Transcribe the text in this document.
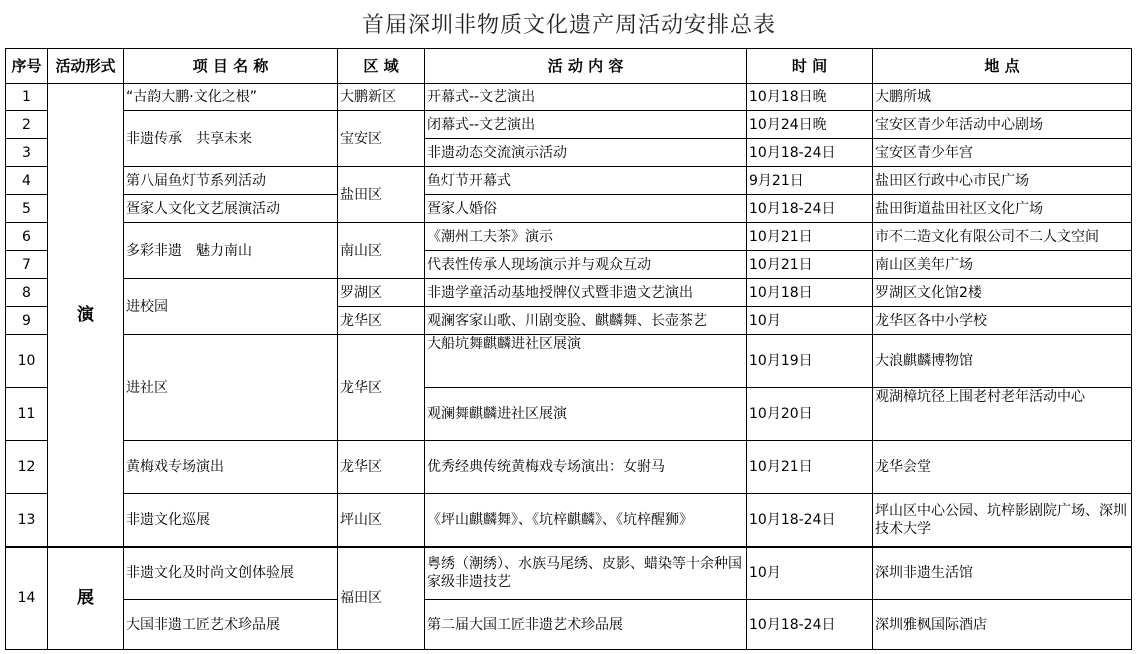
首届深圳非物质文化遗产周活动安排总表
序号	活动形式	项 目 名 称	区 域	活 动 内 容	时 间	地 点
1	演	“古韵大鹏·文化之根”	大鹏新区	开幕式--文艺演出	10月18日晚	大鹏所城
2		非遗传承　共享未来	宝安区	闭幕式--文艺演出	10月24日晚	宝安区青少年活动中心剧场
3				非遗动态交流演示活动	10月18-24日	宝安区青少年宫
4		第八届鱼灯节系列活动	盐田区	鱼灯节开幕式	9月21日	盐田区行政中心市民广场
5		疍家人文化文艺展演活动		疍家人婚俗	10月18-24日	盐田街道盐田社区文化广场
6		多彩非遗　魅力南山	南山区	《潮州工夫茶》演示	10月21日	市不二造文化有限公司不二人文空间
7				代表性传承人现场演示并与观众互动	10月21日	南山区美年广场
8		进校园	罗湖区	非遗学童活动基地授牌仪式暨非遗文艺演出	10月18日	罗湖区文化馆2楼
9			龙华区	观澜客家山歌、川剧变脸、麒麟舞、长壶茶艺	10月	龙华区各中小学校
10		进社区	龙华区	大船坑舞麒麟进社区展演	10月19日	大浪麒麟博物馆
11				观澜舞麒麟进社区展演	10月20日	观湖樟坑径上围老村老年活动中心
12		黄梅戏专场演出	龙华区	优秀经典传统黄梅戏专场演出：女驸马	10月21日	龙华会堂
13		非遗文化巡展	坪山区	《坪山麒麟舞》、《坑梓麒麟》、《坑梓醒狮》	10月18-24日	坪山区中心公园、坑梓影剧院广场、深圳技术大学
14	展	非遗文化及时尚文创体验展	福田区	粤绣（潮绣）、水族马尾绣、皮影、蜡染等十余种国家级非遗技艺	10月	深圳非遗生活馆
		大国非遗工匠艺术珍品展		第二届大国工匠非遗艺术珍品展	10月18-24日	深圳雅枫国际酒店
